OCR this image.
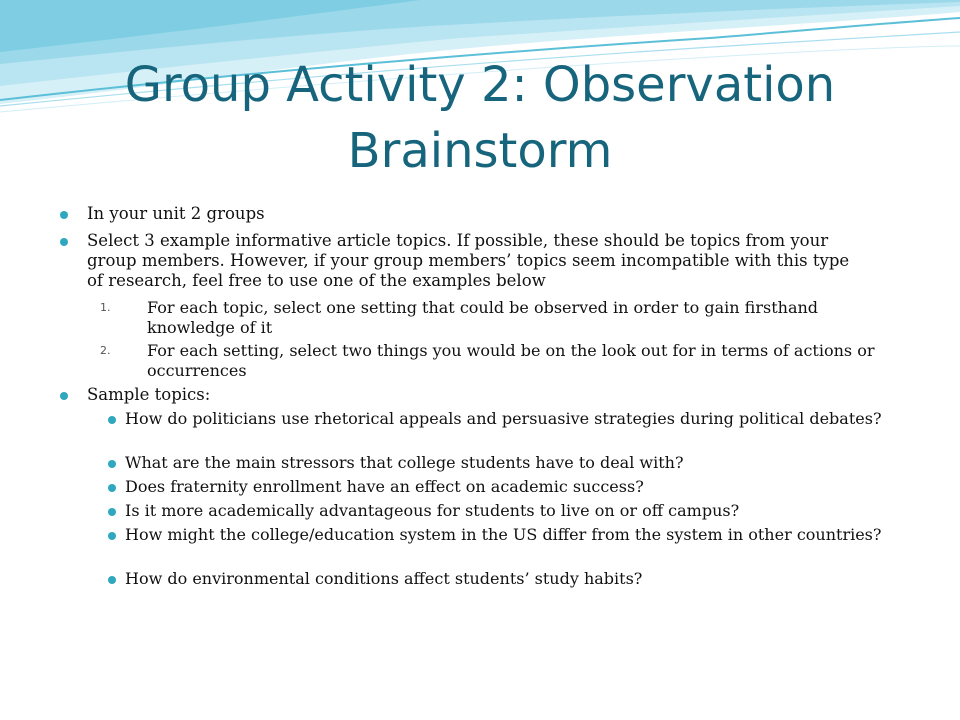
Group Activity 2: Observation Brainstorm
In your unit 2 groups
Select 3 example informative article topics. If possible, these should be topics from your group members. However, if your group members’ topics seem incompatible with this type of research, feel free to use one of the examples below
1.	For each topic, select one setting that could be observed in order to gain firsthand knowledge of it
2.	For each setting, select two things you would be on the look out for in terms of actions or occurrences
Sample topics:
How do politicians use rhetorical appeals and persuasive strategies during political debates?
What are the main stressors that college students have to deal with?
Does fraternity enrollment have an effect on academic success?
Is it more academically advantageous for students to live on or off campus?
How might the college/education system in the US differ from the system in other countries?
How do environmental conditions affect students’ study habits?
